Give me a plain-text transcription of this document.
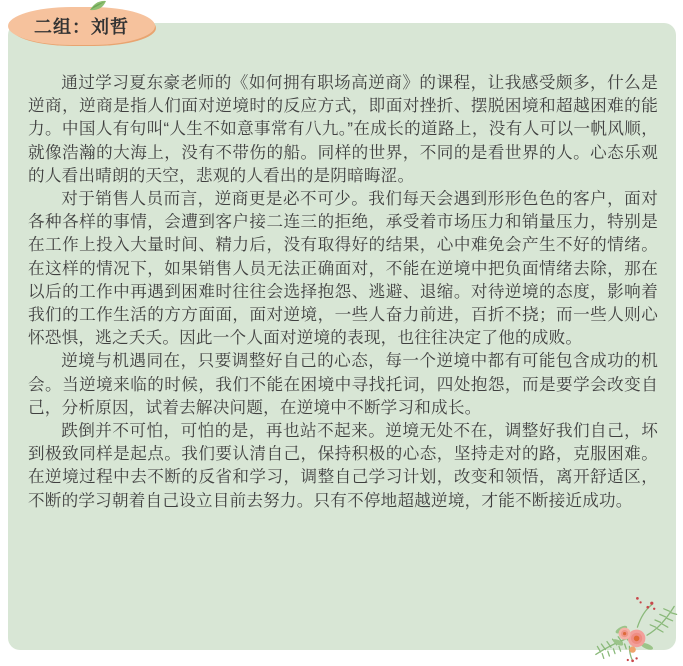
二组：刘哲

通过学习夏东豪老师的《如何拥有职场高逆商》的课程，让我感受颇多，什么是逆商，逆商是指人们面对逆境时的反应方式，即面对挫折、摆脱困境和超越困难的能力。中国人有句叫“人生不如意事常有八九。”在成长的道路上，没有人可以一帆风顺，就像浩瀚的大海上，没有不带伤的船。同样的世界，不同的是看世界的人。心态乐观的人看出晴朗的天空，悲观的人看出的是阴暗晦涩。

对于销售人员而言，逆商更是必不可少。我们每天会遇到形形色色的客户，面对各种各样的事情，会遭到客户接二连三的拒绝，承受着市场压力和销量压力，特别是在工作上投入大量时间、精力后，没有取得好的结果，心中难免会产生不好的情绪。在这样的情况下，如果销售人员无法正确面对，不能在逆境中把负面情绪去除，那在以后的工作中再遇到困难时往往会选择抱怨、逃避、退缩。对待逆境的态度，影响着我们的工作生活的方方面面，面对逆境，一些人奋力前进，百折不挠；而一些人则心怀恐惧，逃之夭夭。因此一个人面对逆境的表现，也往往决定了他的成败。

逆境与机遇同在，只要调整好自己的心态，每一个逆境中都有可能包含成功的机会。当逆境来临的时候，我们不能在困境中寻找托词，四处抱怨，而是要学会改变自己，分析原因，试着去解决问题，在逆境中不断学习和成长。

跌倒并不可怕，可怕的是，再也站不起来。逆境无处不在，调整好我们自己，坏到极致同样是起点。我们要认清自己，保持积极的心态，坚持走对的路，克服困难。在逆境过程中去不断的反省和学习，调整自己学习计划，改变和领悟，离开舒适区，不断的学习朝着自己设立目前去努力。只有不停地超越逆境，才能不断接近成功。
